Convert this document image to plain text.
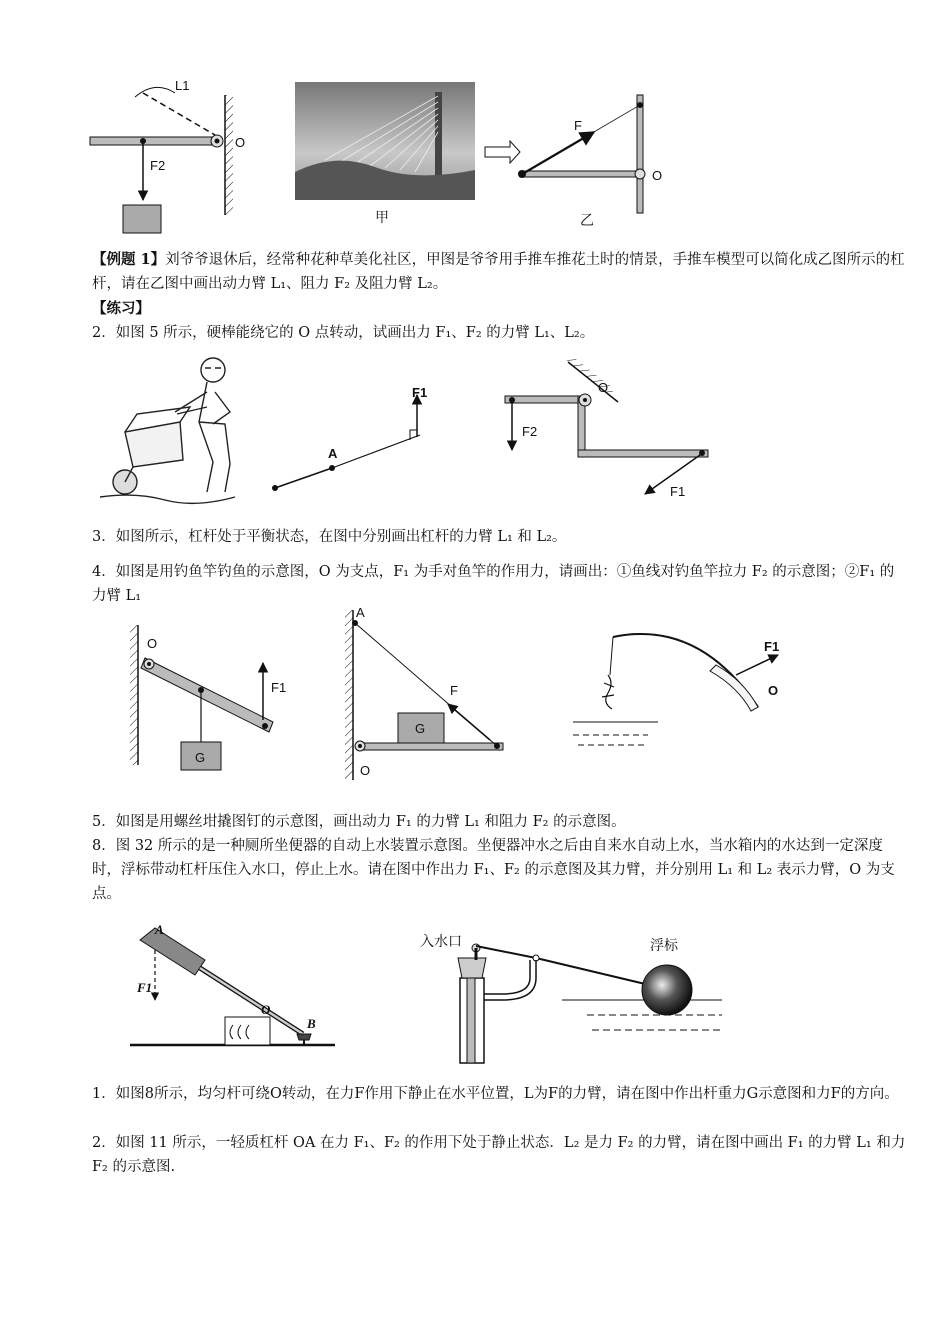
L1
F2
O
甲
F
O
乙
【例题 1】刘爷爷退休后，经常种花种草美化社区，甲图是爷爷用手推车推花土时的情景，手推车模型可以简化成乙图所示的杠杆，请在乙图中画出动力臂 L₁、阻力 F₂ 及阻力臂 L₂。
【练习】
2．如图 5 所示，硬棒能绕它的 O 点转动，试画出力 F₁、F₂ 的力臂 L₁、L₂。
F1
A
O
F2
F1
3．如图所示，杠杆处于平衡状态，在图中分别画出杠杆的力臂 L₁ 和 L₂。
4．如图是用钓鱼竿钓鱼的示意图，O 为支点，F₁ 为手对鱼竿的作用力，请画出：①鱼线对钓鱼竿拉力 F₂ 的示意图；②F₁ 的力臂 L₁
O
F1
G
A
F
G
O
F1
O
5．如图是用螺丝坩撬图钉的示意图，画出动力 F₁ 的力臂 L₁ 和阻力 F₂ 的示意图。
8．图 32 所示的是一种厕所坐便器的自动上水装置示意图。坐便器冲水之后由自来水自动上水，当水箱内的水达到一定深度时，浮标带动杠杆压住入水口，停止上水。请在图中作出力 F₁、F₂ 的示意图及其力臂，并分别用 L₁ 和 L₂ 表示力臂，O 为支点。
A
F1
O
B
入水口	浮标
1．如图8所示，均匀杆可绕O转动，在力F作用下静止在水平位置，L为F的力臂，请在图中作出杆重力G示意图和力F的方向。
2．如图 11 所示，一轻质杠杆 OA 在力 F₁、F₂ 的作用下处于静止状态．L₂ 是力 F₂ 的力臂，请在图中画出 F₁ 的力臂 L₁ 和力 F₂ 的示意图.
